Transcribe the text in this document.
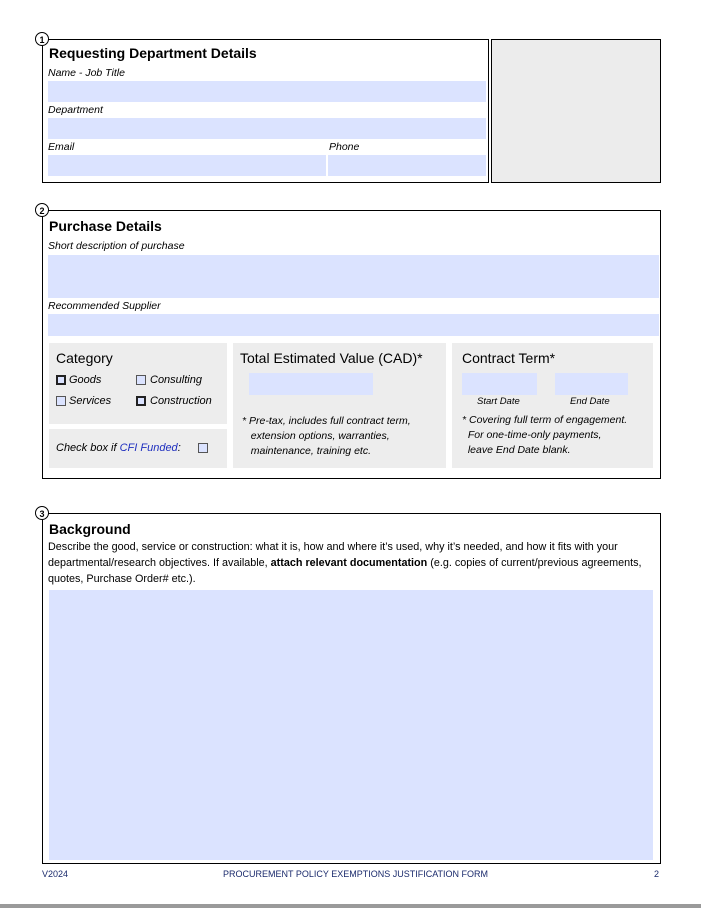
1
Requesting Department Details
Name - Job Title
Department
Email	Phone
2
Purchase Details
Short description of purchase
Recommended Supplier
Category
Goods	Consulting
Services	Construction
Check box if CFI Funded:
Total Estimated Value (CAD)*
* Pre-tax, includes full contract term,
extension options, warranties,
maintenance, training etc.
Contract Term*
Start Date	End Date
* Covering full term of engagement.
For one-time-only payments,
leave End Date blank.
3
Background
Describe the good, service or construction: what it is, how and where it’s used, why it’s needed, and how it fits with your departmental/research objectives. If available, attach relevant documentation (e.g. copies of current/previous agreements, quotes, Purchase Order# etc.).
V2024	PROCUREMENT POLICY EXEMPTIONS JUSTIFICATION FORM	2
